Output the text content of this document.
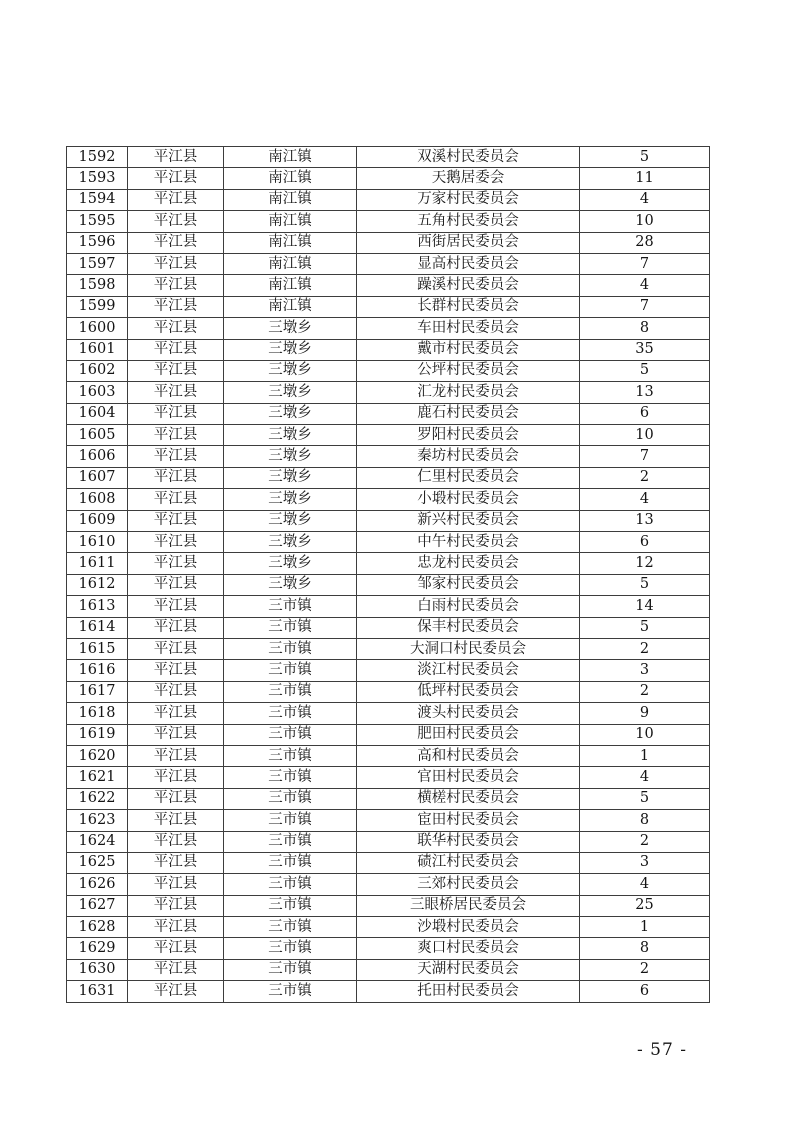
1592	平江县	南江镇	双溪村民委员会	5
1593	平江县	南江镇	天鹅居委会	11
1594	平江县	南江镇	万家村民委员会	4
1595	平江县	南江镇	五角村民委员会	10
1596	平江县	南江镇	西街居民委员会	28
1597	平江县	南江镇	显高村民委员会	7
1598	平江县	南江镇	躁溪村民委员会	4
1599	平江县	南江镇	长群村民委员会	7
1600	平江县	三墩乡	车田村民委员会	8
1601	平江县	三墩乡	戴市村民委员会	35
1602	平江县	三墩乡	公坪村民委员会	5
1603	平江县	三墩乡	汇龙村民委员会	13
1604	平江县	三墩乡	鹿石村民委员会	6
1605	平江县	三墩乡	罗阳村民委员会	10
1606	平江县	三墩乡	秦坊村民委员会	7
1607	平江县	三墩乡	仁里村民委员会	2
1608	平江县	三墩乡	小塅村民委员会	4
1609	平江县	三墩乡	新兴村民委员会	13
1610	平江县	三墩乡	中午村民委员会	6
1611	平江县	三墩乡	忠龙村民委员会	12
1612	平江县	三墩乡	邹家村民委员会	5
1613	平江县	三市镇	白雨村民委员会	14
1614	平江县	三市镇	保丰村民委员会	5
1615	平江县	三市镇	大洞口村民委员会	2
1616	平江县	三市镇	淡江村民委员会	3
1617	平江县	三市镇	低坪村民委员会	2
1618	平江县	三市镇	渡头村民委员会	9
1619	平江县	三市镇	肥田村民委员会	10
1620	平江县	三市镇	高和村民委员会	1
1621	平江县	三市镇	官田村民委员会	4
1622	平江县	三市镇	横槎村民委员会	5
1623	平江县	三市镇	宦田村民委员会	8
1624	平江县	三市镇	联华村民委员会	2
1625	平江县	三市镇	碛江村民委员会	3
1626	平江县	三市镇	三郊村民委员会	4
1627	平江县	三市镇	三眼桥居民委员会	25
1628	平江县	三市镇	沙塅村民委员会	1
1629	平江县	三市镇	爽口村民委员会	8
1630	平江县	三市镇	天湖村民委员会	2
1631	平江县	三市镇	托田村民委员会	6
- 57 -
